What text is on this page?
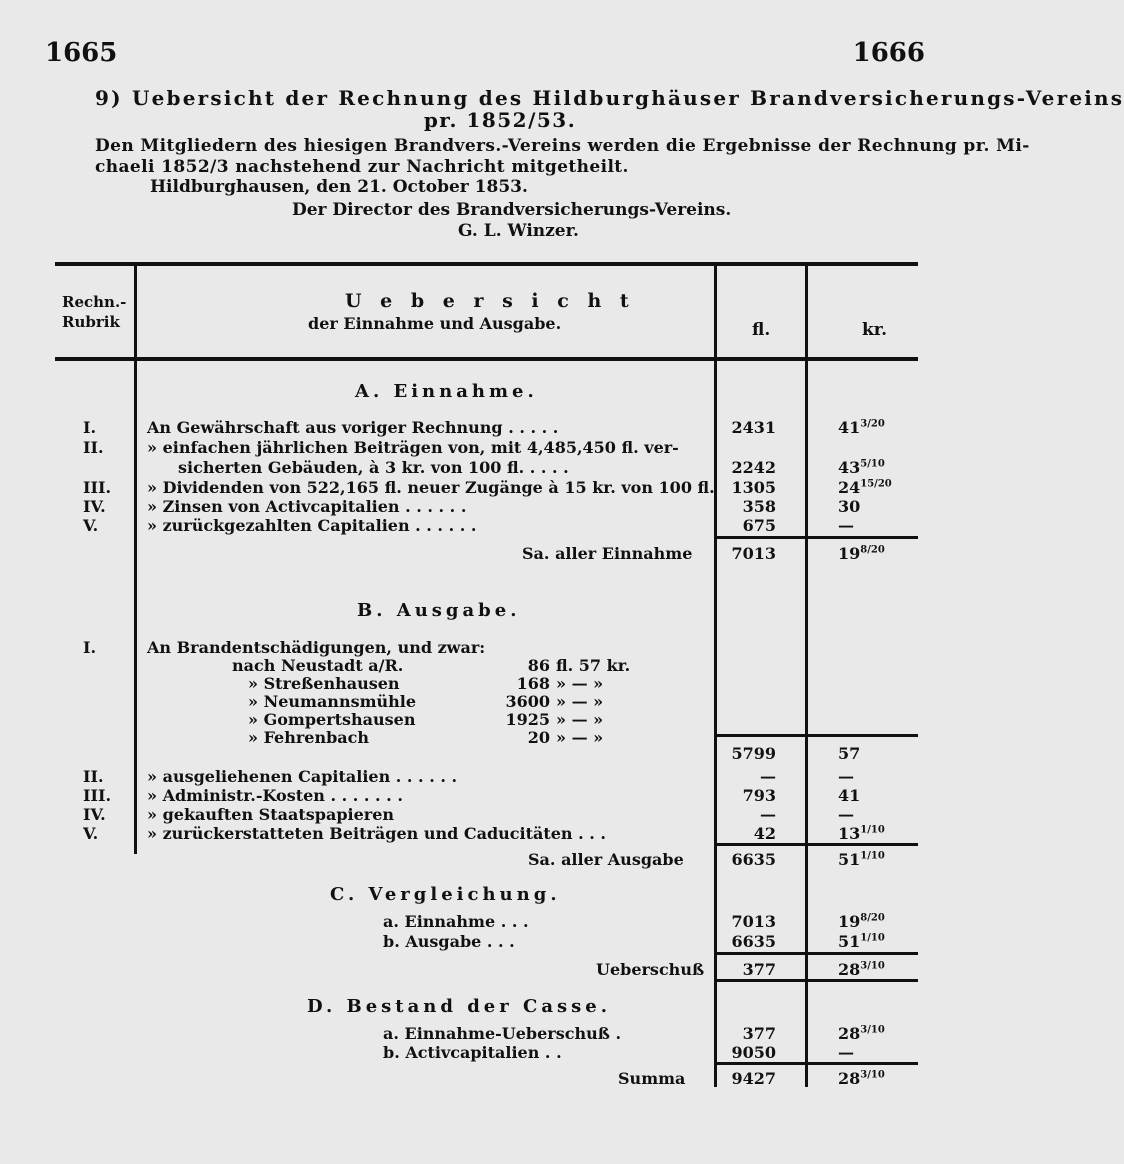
1665	1666
9) Uebersicht der Rechnung des Hildburghäuser Brandversicherungs-Vereins
pr. 1852/53.
Den Mitgliedern des hiesigen Brandvers.-Vereins werden die Ergebnisse der Rechnung pr. Mi-
chaeli 1852/3 nachstehend zur Nachricht mitgetheilt.
Hildburghausen, den 21. October 1853.
Der Director des Brandversicherungs-Vereins.
G. L. Winzer.
Rechn.-
Rubrik
U e b e r s i c h t
der Einnahme und Ausgabe.	fl.	kr.
A. Einnahme.
I.	An Gewährschaft aus voriger Rechnung . . . . .	2431	$41^{3/20}$
II.	» einfachen jährlichen Beiträgen von, mit 4,485,450 fl. ver-
sicherten Gebäuden, à 3 kr. von 100 fl. . . . .	2242	$43^{5/10}$
III. » Dividenden von 522,165 fl. neuer Zugänge à 15 kr. von 100 fl.	1305	$24^{15/20}$
IV.	» Zinsen von Activcapitalien . . . . . .	358	30
V.	» zurückgezahlten Capitalien . . . . . .	675	—
Sa. aller Einnahme	7013	$19^{8/20}$
B. Ausgabe.
I.	An Brandentschädigungen, und zwar:
nach Neustadt a/R.	86 fl. 57 kr.
» Streßenhausen	168 » — »
» Neumannsmühle	3600 » — »
» Gompertshausen	1925 » — »
» Fehrenbach	20 » — »
5799	57
II.	» ausgeliehenen Capitalien . . . . . .	—	—
III. » Administr.-Kosten . . . . . . .	793	41
IV.	» gekauften Staatspapieren	—	—
V.	» zurückerstatteten Beiträgen und Caducitäten . . .	42	$13^{1/10}$
Sa. aller Ausgabe	6635	$51^{1/10}$
C. Vergleichung.
a. Einnahme . . .	7013	$19^{8/20}$
b. Ausgabe . . .	6635	$51^{1/10}$
Ueberschuß	377	$28^{3/10}$
D. Bestand der Casse.
a. Einnahme-Ueberschuß .	377	$28^{3/10}$
b. Activcapitalien . .	9050	—
Summa	9427	$28^{3/10}$
